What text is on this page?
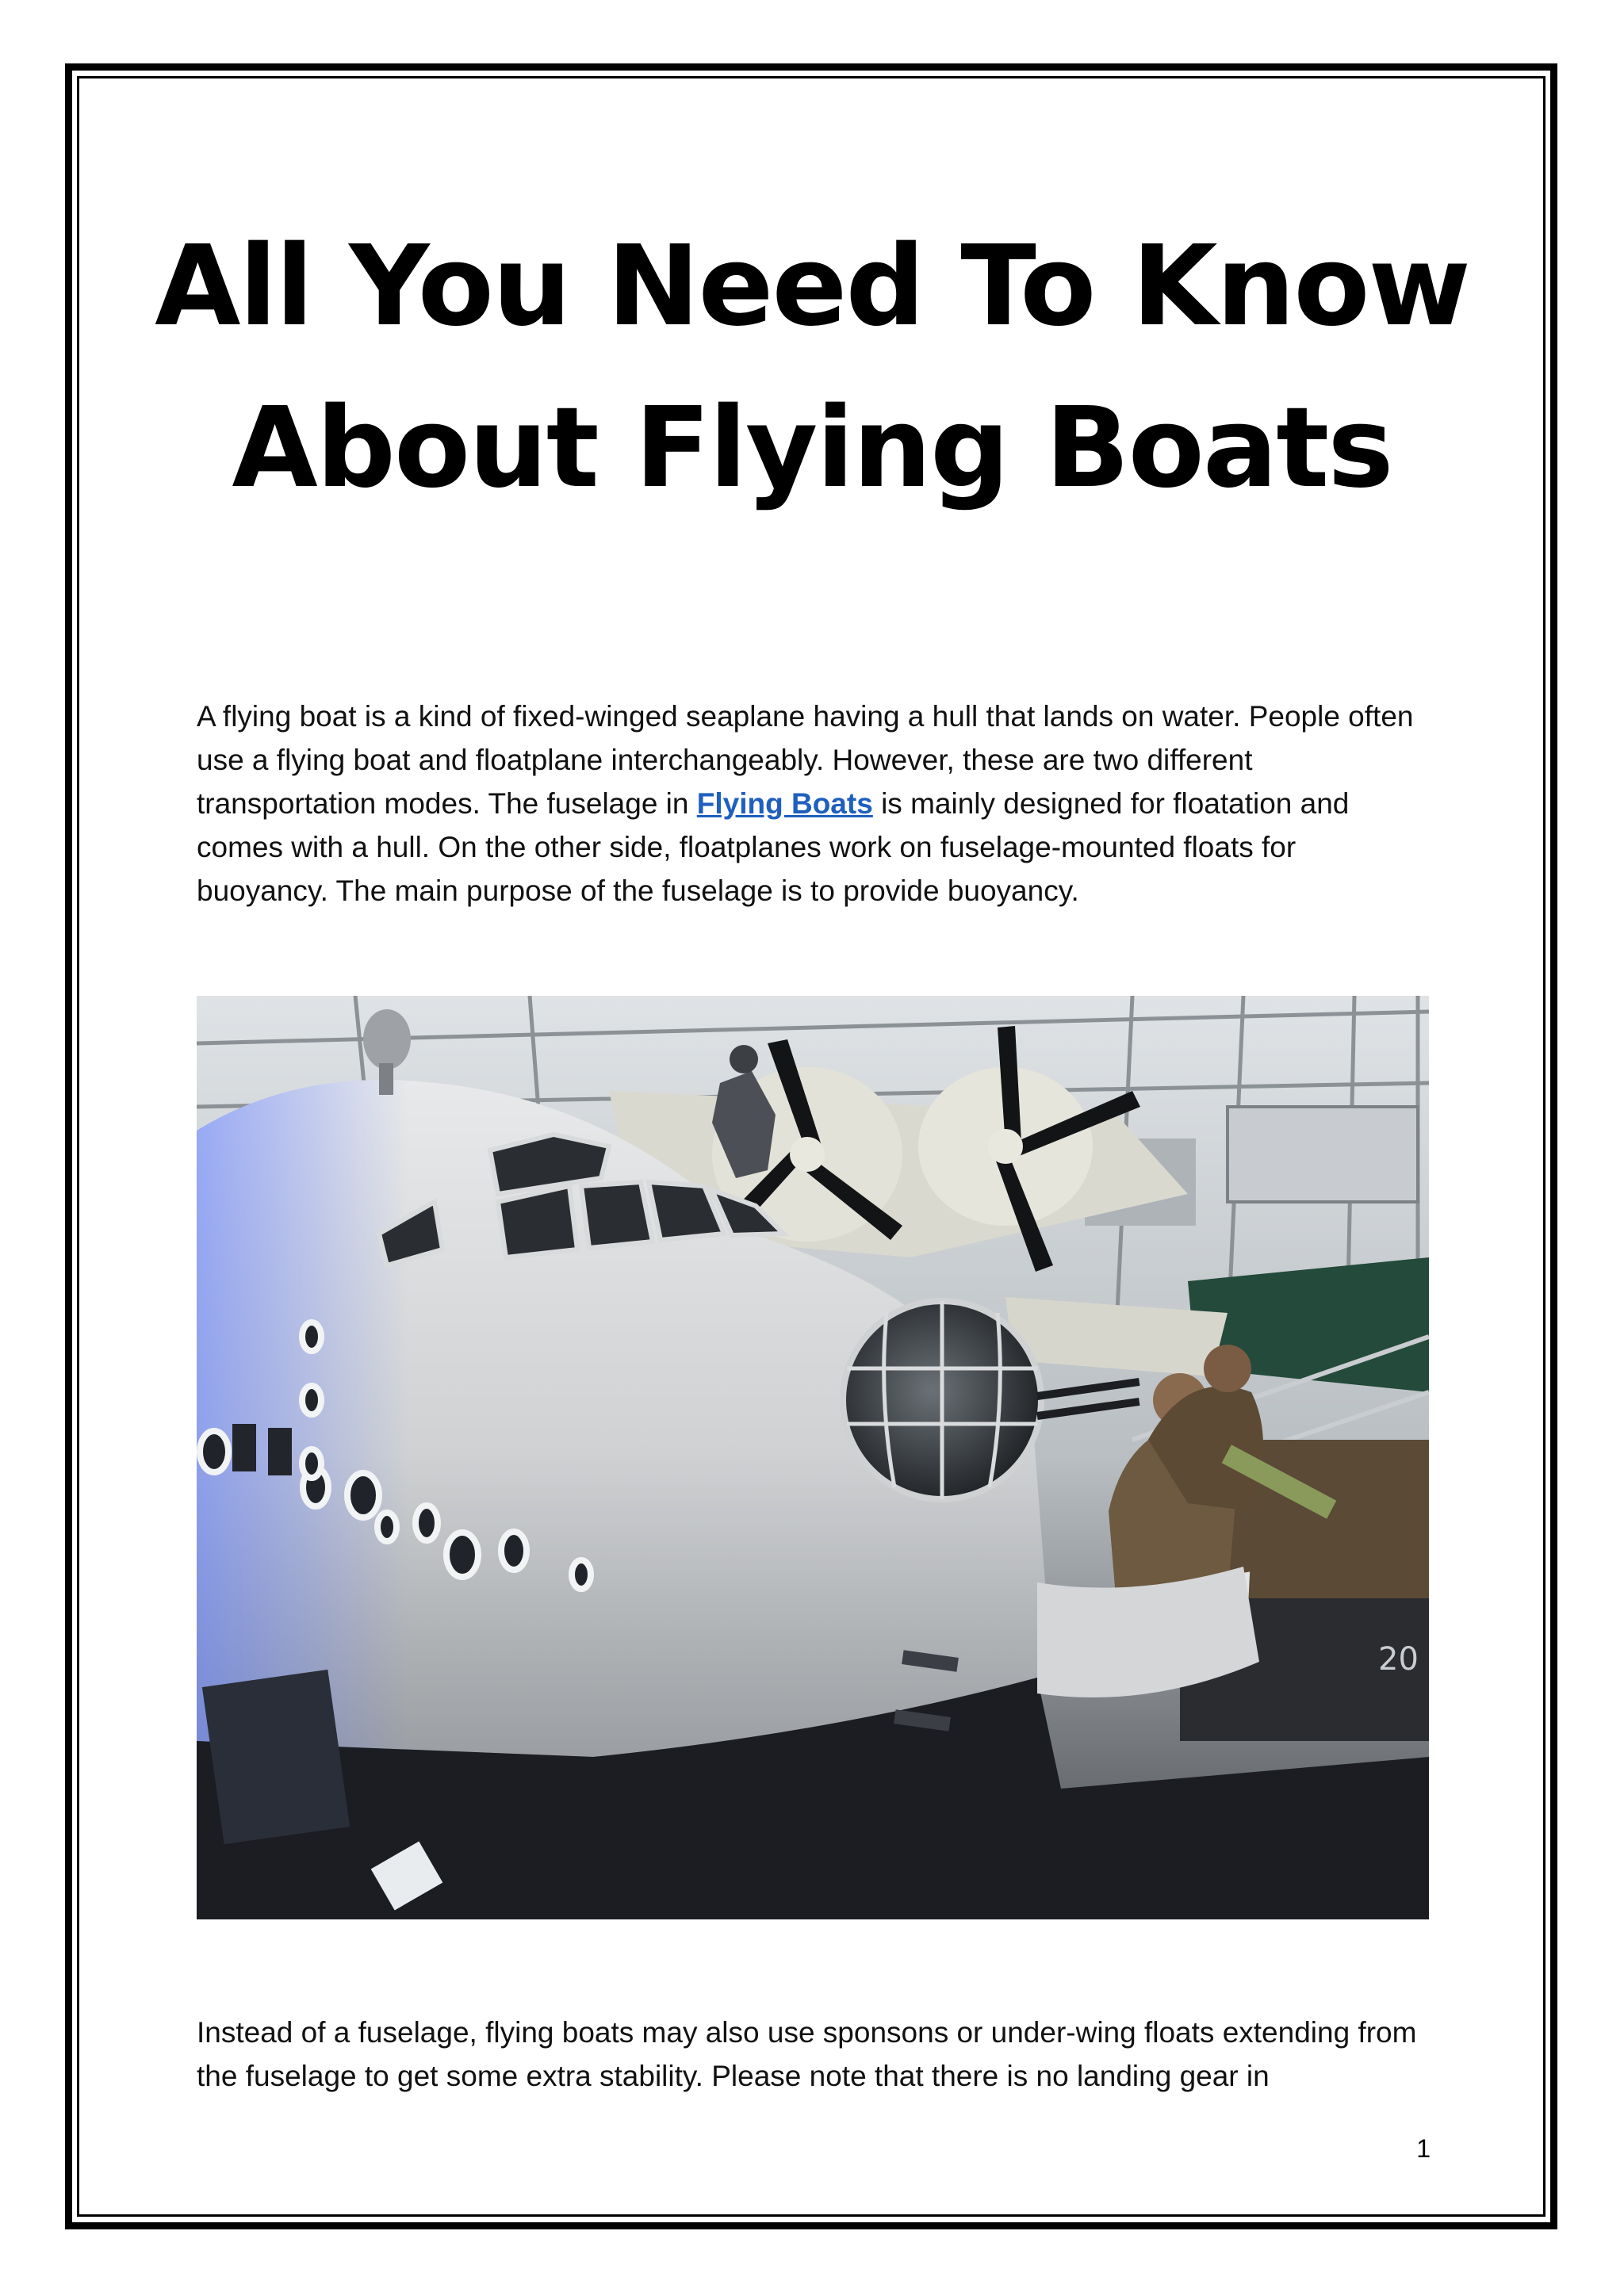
All You Need To Know
About Flying Boats

A flying boat is a kind of fixed-winged seaplane having a hull that lands on water. People often use a flying boat and floatplane interchangeably. However, these are two different transportation modes. The fuselage in Flying Boats is mainly designed for floatation and comes with a hull. On the other side, floatplanes work on fuselage-mounted floats for buoyancy. The main purpose of the fuselage is to provide buoyancy.

20

Instead of a fuselage, flying boats may also use sponsons or under-wing floats extending from the fuselage to get some extra stability. Please note that there is no landing gear in

1
